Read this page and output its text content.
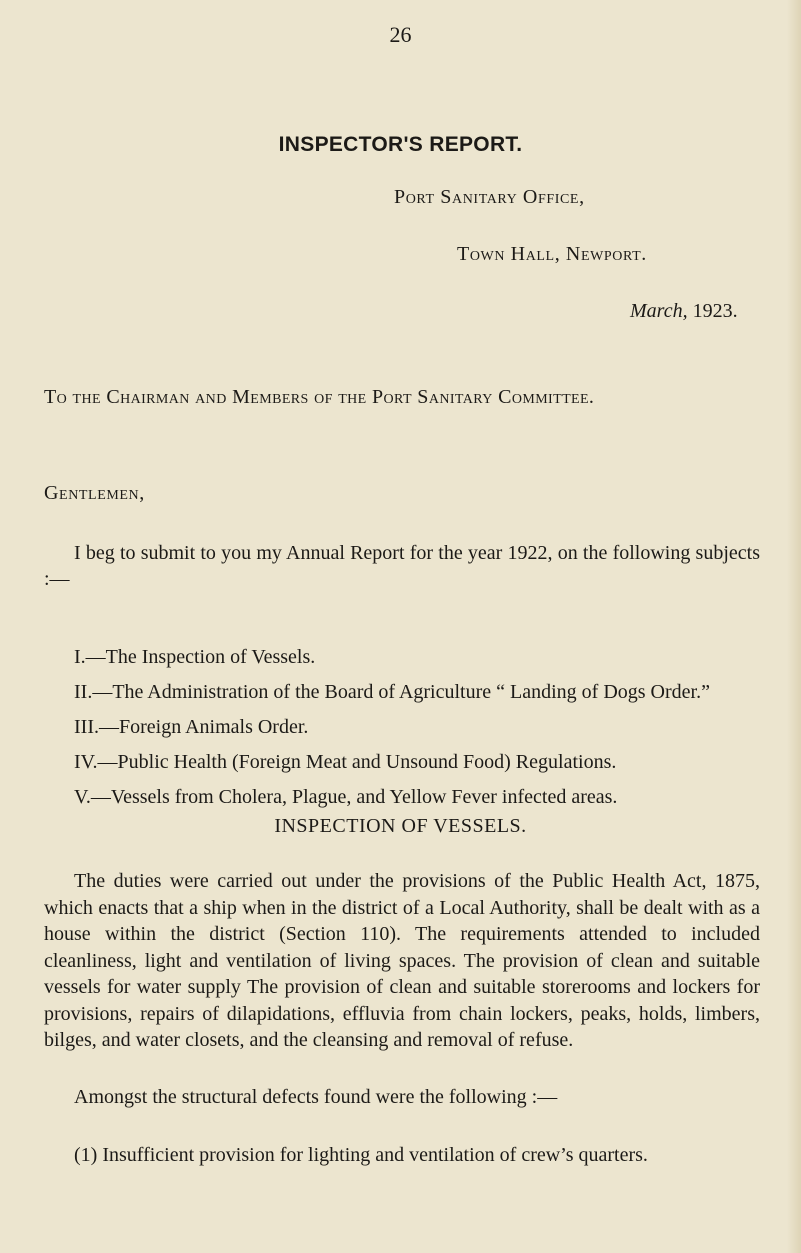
26
INSPECTOR'S REPORT.
Port Sanitary Office,
Town Hall, Newport.
March, 1923.
To the Chairman and Members of the Port Sanitary Committee.
Gentlemen,
I beg to submit to you my Annual Report for the year 1922, on the following subjects :—
I.—The Inspection of Vessels.
II.—The Administration of the Board of Agriculture “ Landing of Dogs Order.”
III.—Foreign Animals Order.
IV.—Public Health (Foreign Meat and Unsound Food) Regulations.
V.—Vessels from Cholera, Plague, and Yellow Fever infected areas.
INSPECTION OF VESSELS.
The duties were carried out under the provisions of the Public Health Act, 1875, which enacts that a ship when in the district of a Local Authority, shall be dealt with as a house within the district (Section 110). The requirements attended to included cleanliness, light and ventilation of living spaces. The provision of clean and suitable vessels for water supply The provision of clean and suitable storerooms and lockers for provisions, repairs of dilapidations, effluvia from chain lockers, peaks, holds, limbers, bilges, and water closets, and the cleansing and removal of refuse.
Amongst the structural defects found were the following :—
(1) Insufficient provision for lighting and ventilation of crew’s quarters.
